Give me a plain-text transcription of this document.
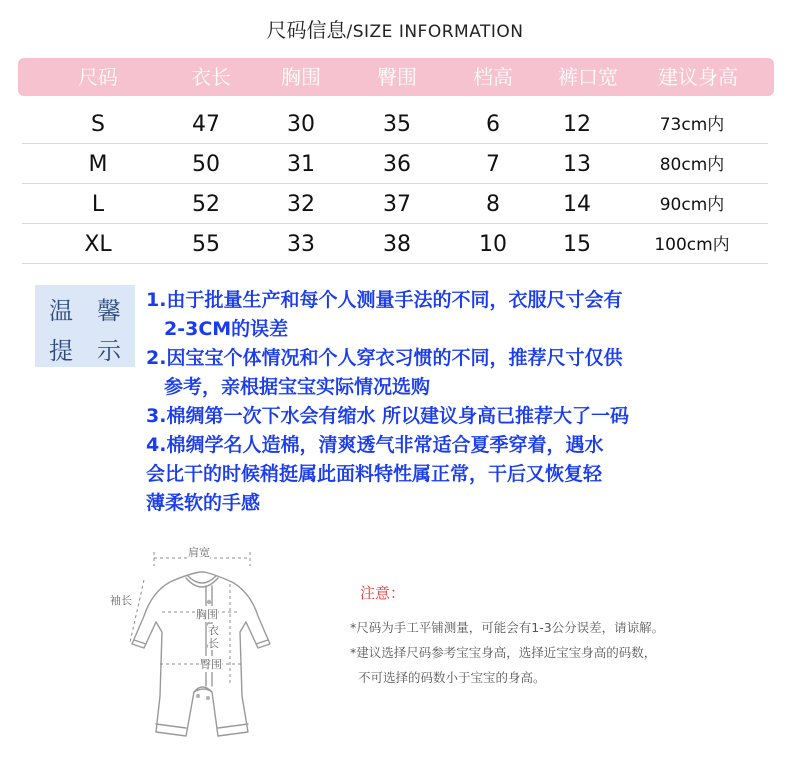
尺码信息/SIZE INFORMATION
尺码	衣长	胸围	臀围	档高	裤口宽	建议身高
S	47	30	35	6	12	73cm内
M	50	31	36	7	13	80cm内
L	52	32	37	8	14	90cm内
XL	55	33	38	10	15	100cm内
温 馨
提 示
1.由于批量生产和每个人测量手法的不同，衣服尺寸会有
2-3CM的误差
2.因宝宝个体情况和个人穿衣习惯的不同，推荐尺寸仅供
参考，亲根据宝宝实际情况选购
3.棉绸第一次下水会有缩水 所以建议身高已推荐大了一码
4.棉绸学名人造棉，清爽透气非常适合夏季穿着，遇水
会比干的时候稍挺属此面料特性属正常，干后又恢复轻
薄柔软的手感
肩宽
袖长
胸围
衣长
臀围
注意：
*尺码为手工平铺测量，可能会有1-3公分误差，请谅解。
*建议选择尺码参考宝宝身高，选择近宝宝身高的码数，
不可选择的码数小于宝宝的身高。
